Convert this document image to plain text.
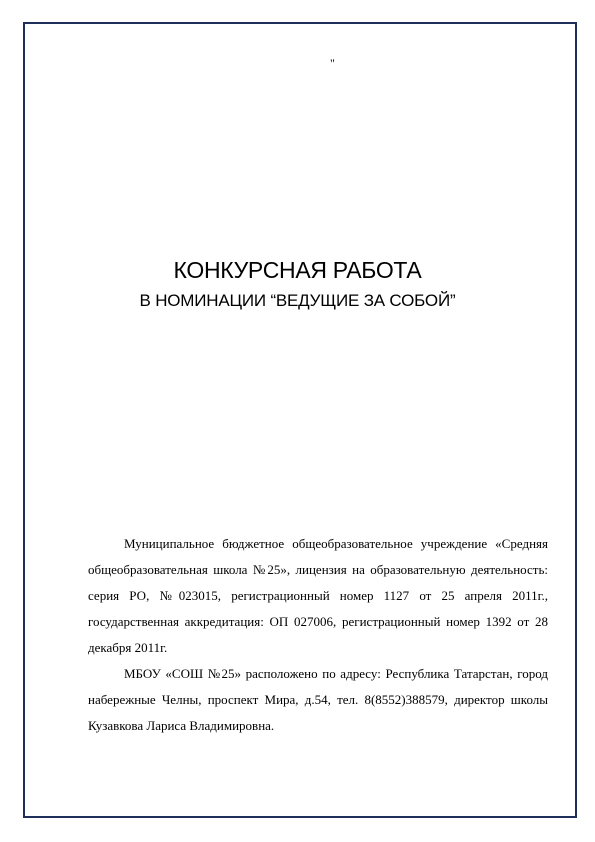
"
КОНКУРСНАЯ РАБОТА
В НОМИНАЦИИ “ВЕДУЩИЕ ЗА СОБОЙ”

Муниципальное бюджетное общеобразовательное учреждение «Средняя общеобразовательная школа №25», лицензия на образовательную деятельность: серия РО, №023015, регистрационный номер 1127 от 25 апреля 2011г., государственная аккредитация: ОП 027006, регистрационный номер 1392 от 28 декабря 2011г.

МБОУ «СОШ №25» расположено по адресу: Республика Татарстан, город набережные Челны, проспект Мира, д.54, тел. 8(8552)388579, директор школы Кузавкова Лариса Владимировна.
